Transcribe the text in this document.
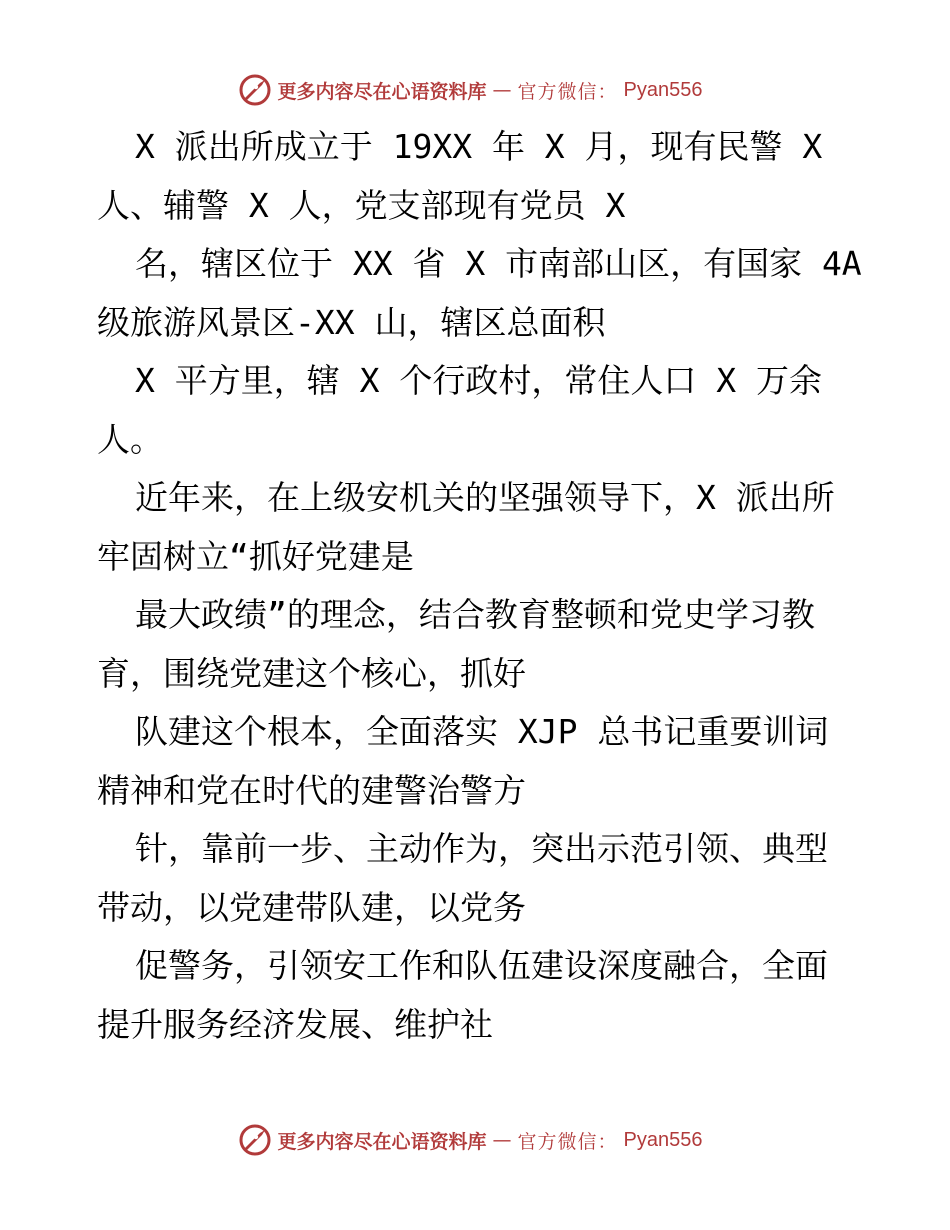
更多内容尽在心语资料库 — 官方微信： Pyan556
X 派出所成立于 19XX 年 X 月，现有民警 X
人、辅警 X 人，党支部现有党员 X
名，辖区位于 XX 省 X 市南部山区，有国家 4A
级旅游风景区-XX 山，辖区总面积
X 平方里，辖 X 个行政村，常住人口 X 万余
人。
近年来，在上级安机关的坚强领导下，X 派出所
牢固树立“抓好党建是
最大政绩”的理念，结合教育整顿和党史学习教
育，围绕党建这个核心，抓好
队建这个根本，全面落实 XJP 总书记重要训词
精神和党在时代的建警治警方
针，靠前一步、主动作为，突出示范引领、典型
带动，以党建带队建，以党务
促警务，引领安工作和队伍建设深度融合，全面
提升服务经济发展、维护社
更多内容尽在心语资料库 — 官方微信： Pyan556
